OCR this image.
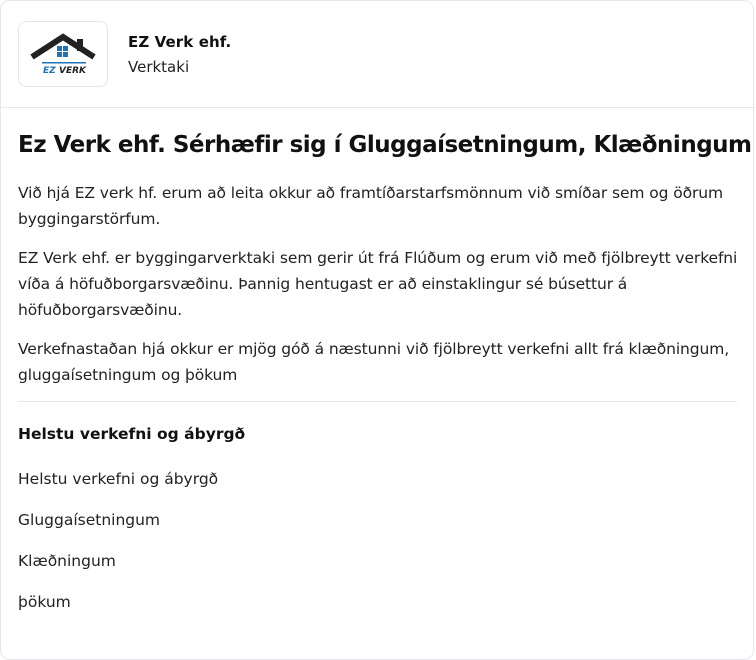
EZ VERK
EZ Verk ehf.
Verktaki
Ez Verk ehf. Sérhæfir sig í Gluggaísetningum, Klæðningum

Við hjá EZ verk hf. erum að leita okkur að framtíðarstarfsmönnum við smíðar sem og öðrum byggingarstörfum.

EZ Verk ehf. er byggingarverktaki sem gerir út frá Flúðum og erum við með fjölbreytt verkefni víða á höfuðborgarsvæðinu. Þannig hentugast er að einstaklingur sé búsettur á höfuðborgarsvæðinu.

Verkefnastaðan hjá okkur er mjög góð á næstunni við fjölbreytt verkefni allt frá klæðningum, gluggaísetningum og þökum

Helstu verkefni og ábyrgð
Helstu verkefni og ábyrgð
Gluggaísetningum
Klæðningum
þökum
